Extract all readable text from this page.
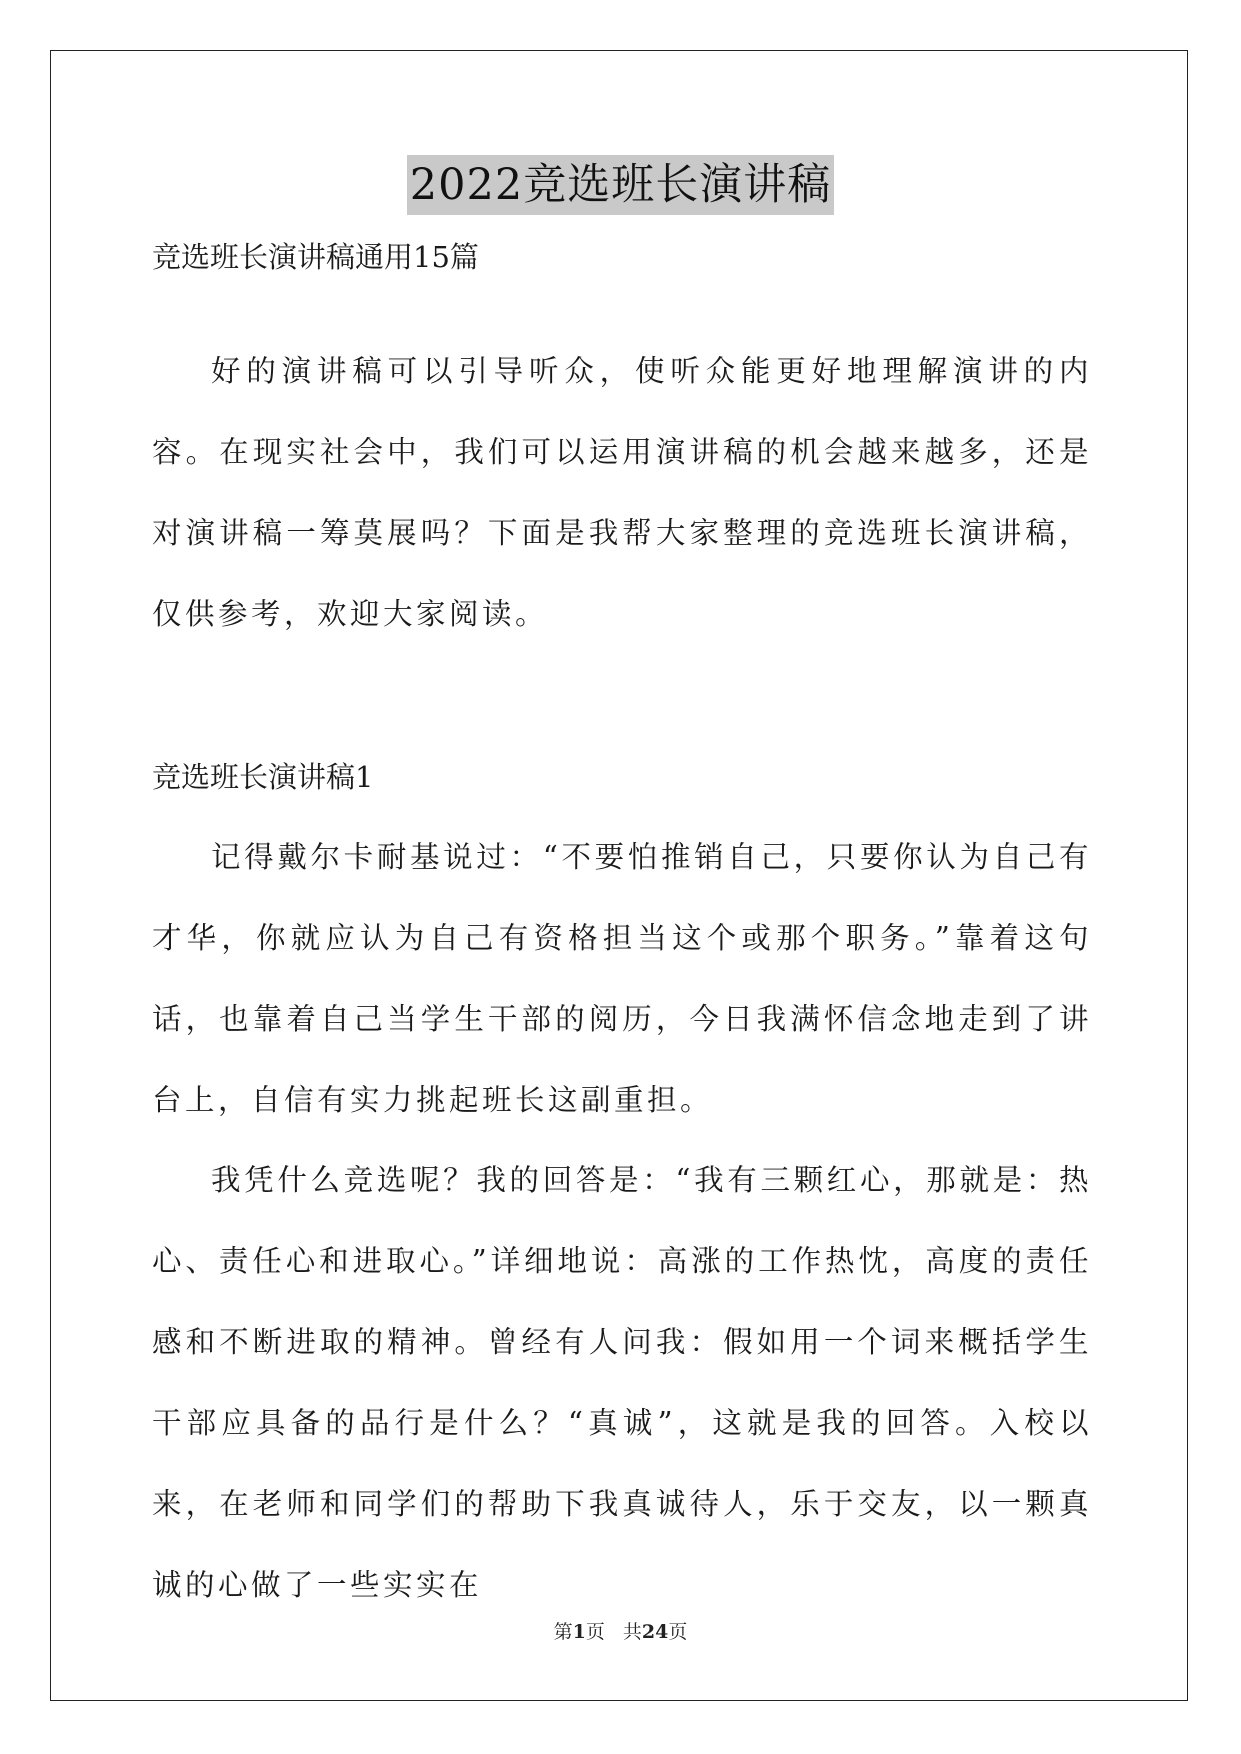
2022竞选班长演讲稿
竞选班长演讲稿通用15篇

好的演讲稿可以引导听众，使听众能更好地理解演讲的内容。在现实社会中，我们可以运用演讲稿的机会越来越多，还是对演讲稿一筹莫展吗？下面是我帮大家整理的竞选班长演讲稿，仅供参考，欢迎大家阅读。

竞选班长演讲稿1

记得戴尔卡耐基说过：“不要怕推销自己，只要你认为自己有才华，你就应认为自己有资格担当这个或那个职务。”靠着这句话，也靠着自己当学生干部的阅历，今日我满怀信念地走到了讲台上，自信有实力挑起班长这副重担。

我凭什么竞选呢？我的回答是：“我有三颗红心，那就是：热心、责任心和进取心。”详细地说：高涨的工作热忱，高度的责任感和不断进取的精神。曾经有人问我：假如用一个词来概括学生干部应具备的品行是什么？“真诚”，这就是我的回答。入校以来，在老师和同学们的帮助下我真诚待人，乐于交友，以一颗真诚的心做了一些实实在

第1页 共24页
